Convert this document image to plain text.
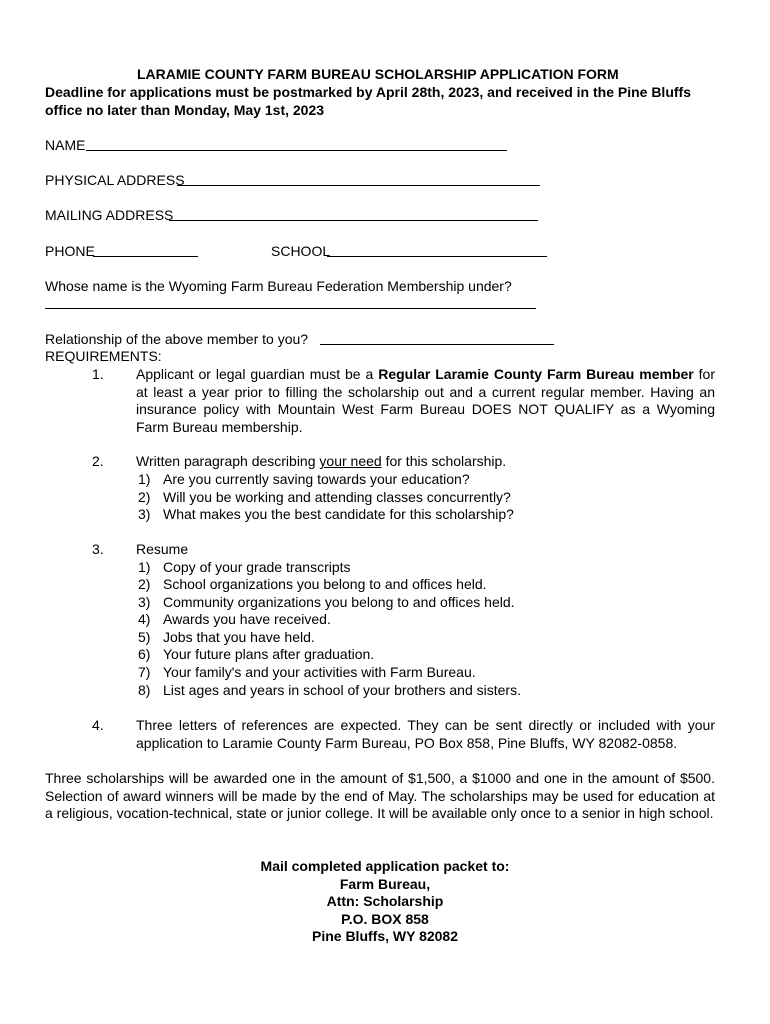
LARAMIE COUNTY FARM BUREAU SCHOLARSHIP APPLICATION FORM
Deadline for applications must be postmarked by April 28th, 2023, and received in the Pine Bluffs
office no later than Monday, May 1st, 2023
NAME
PHYSICAL ADDRESS
MAILING ADDRESS
PHONE	SCHOOL
Whose name is the Wyoming Farm Bureau Federation Membership under?
Relationship of the above member to you?
REQUIREMENTS:
1. Applicant or legal guardian must be a Regular Laramie County Farm Bureau member for at least a year prior to filling the scholarship out and a current regular member. Having an insurance policy with Mountain West Farm Bureau DOES NOT QUALIFY as a Wyoming Farm Bureau membership.
2. Written paragraph describing your need for this scholarship.
1) Are you currently saving towards your education?
2) Will you be working and attending classes concurrently?
3) What makes you the best candidate for this scholarship?
3. Resume
1) Copy of your grade transcripts
2) School organizations you belong to and offices held.
3) Community organizations you belong to and offices held.
4) Awards you have received.
5) Jobs that you have held.
6) Your future plans after graduation.
7) Your family's and your activities with Farm Bureau.
8) List ages and years in school of your brothers and sisters.
4. Three letters of references are expected. They can be sent directly or included with your application to Laramie County Farm Bureau, PO Box 858, Pine Bluffs, WY 82082-0858.
Three scholarships will be awarded one in the amount of $1,500, a $1000 and one in the amount of $500. Selection of award winners will be made by the end of May. The scholarships may be used for education at a religious, vocation-technical, state or junior college. It will be available only once to a senior in high school.
Mail completed application packet to:
Farm Bureau,
Attn: Scholarship
P.O. BOX 858
Pine Bluffs, WY 82082
